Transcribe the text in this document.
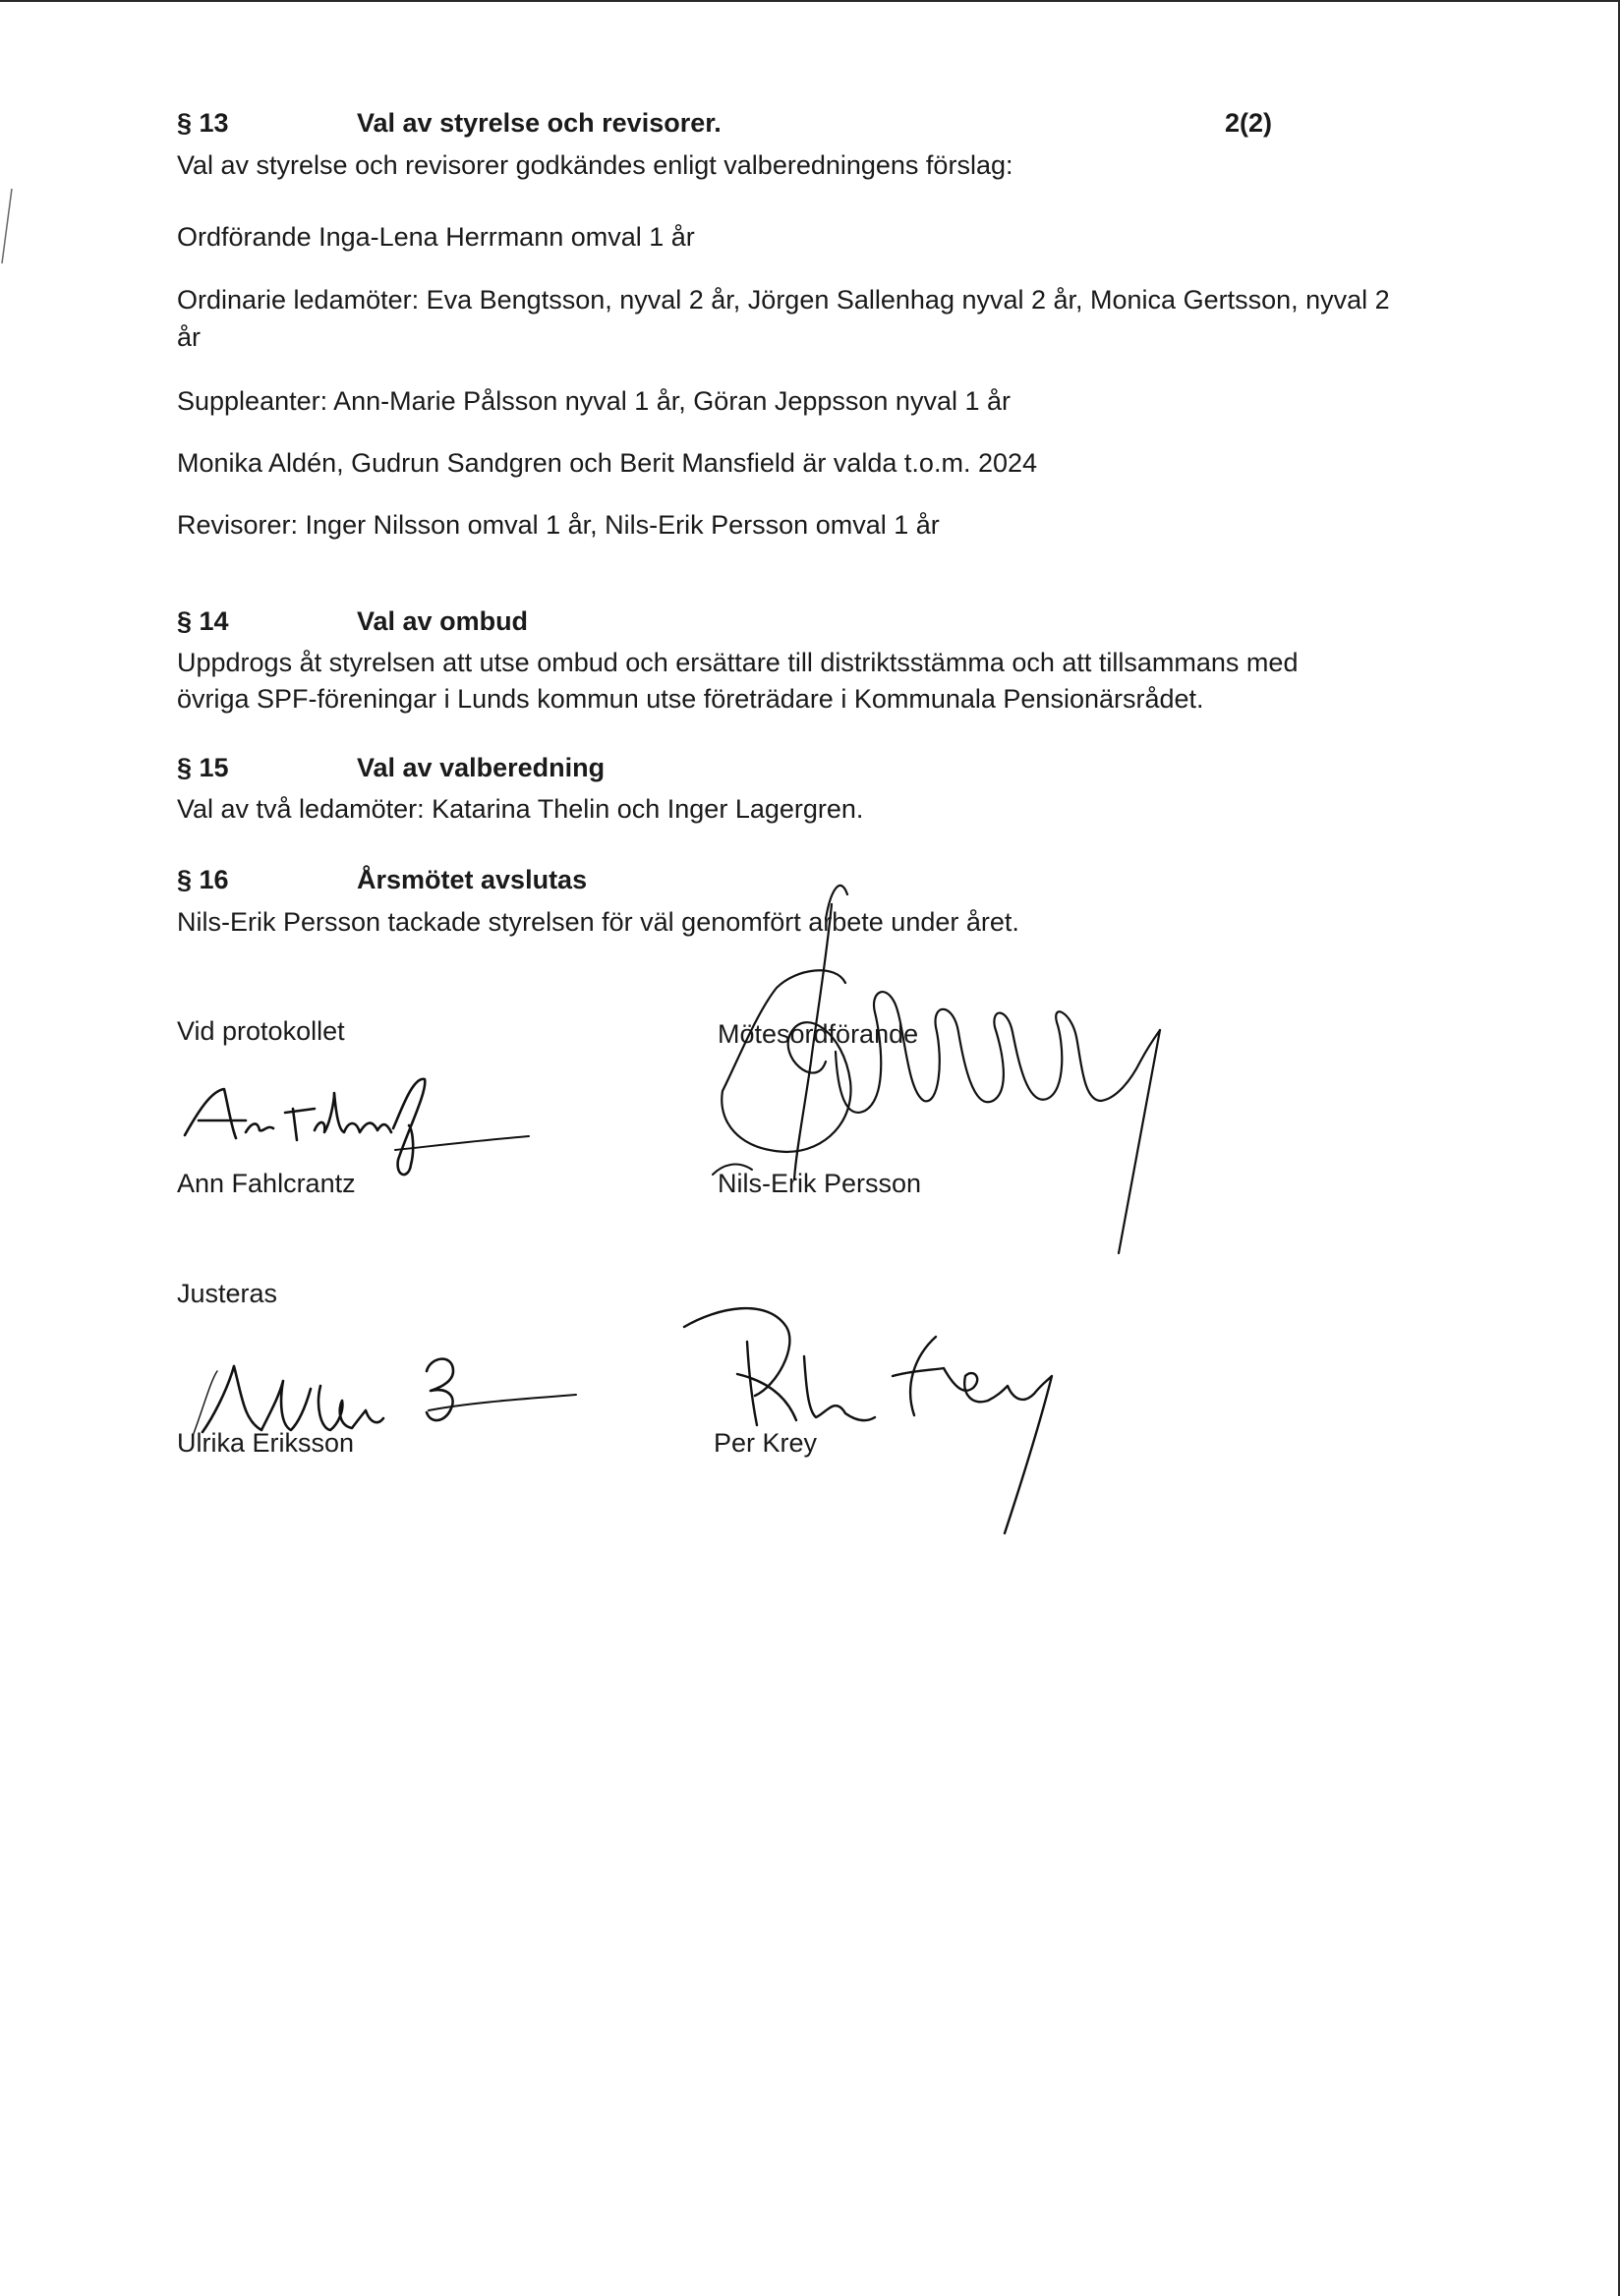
2(2)
§ 13	Val av styrelse och revisorer.
Val av styrelse och revisorer godkändes enligt valberedningens förslag:
Ordförande Inga-Lena Herrmann omval 1 år
Ordinarie ledamöter: Eva Bengtsson, nyval 2 år, Jörgen Sallenhag nyval 2 år, Monica Gertsson, nyval 2
år
Suppleanter: Ann-Marie Pålsson nyval 1 år, Göran Jeppsson nyval 1 år
Monika Aldén, Gudrun Sandgren och Berit Mansfield är valda t.o.m. 2024
Revisorer: Inger Nilsson omval 1 år, Nils-Erik Persson omval 1 år
§ 14	Val av ombud
Uppdrogs åt styrelsen att utse ombud och ersättare till distriktsstämma och att tillsammans med
övriga SPF-föreningar i Lunds kommun utse företrädare i Kommunala Pensionärsrådet.
§ 15	Val av valberedning
Val av två ledamöter: Katarina Thelin och Inger Lagergren.
§ 16	Årsmötet avslutas
Nils-Erik Persson tackade styrelsen för väl genomfört arbete under året.
Vid protokollet	Mötesordförande
Ann Fahlcrantz	Nils-Erik Persson
Justeras
Ulrika Eriksson	Per Krey
